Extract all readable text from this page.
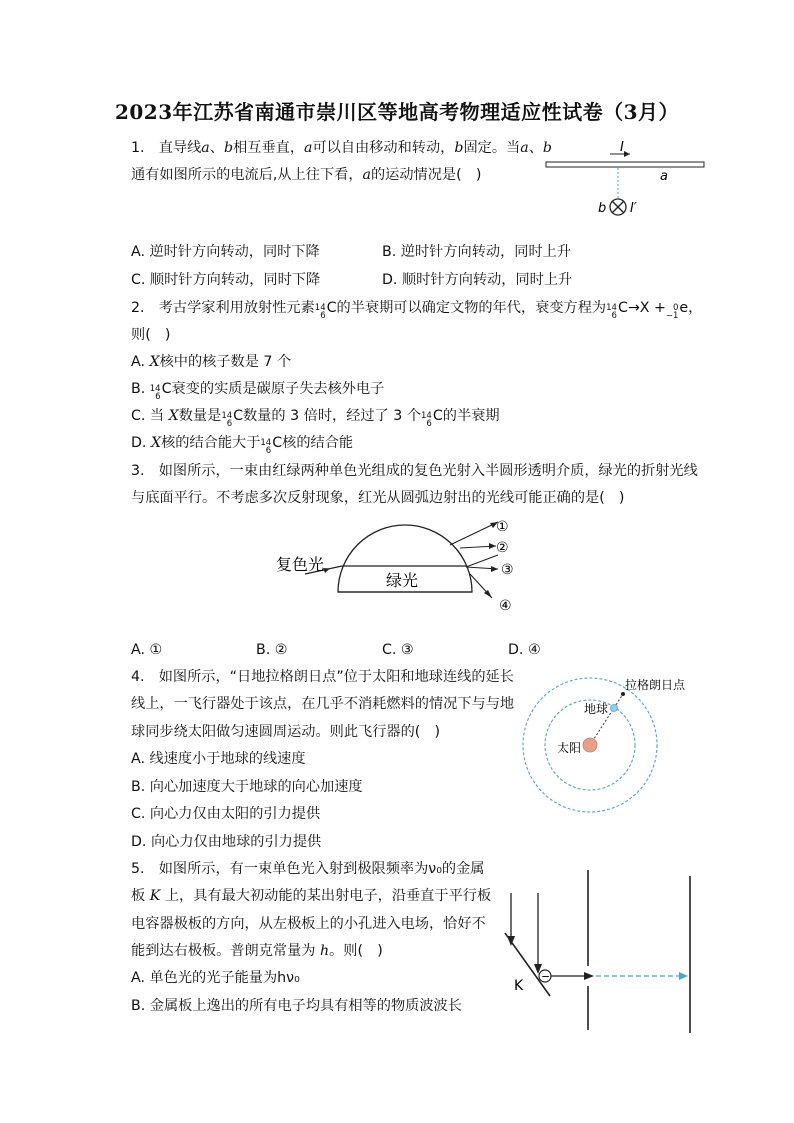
2023年江苏省南通市崇川区等地高考物理适应性试卷（3月）
1. 直导线a、b相互垂直，a可以自由移动和转动，b固定。当a、b
通有如图所示的电流后,从上往下看，a的运动情况是( )
I
a
b I′
A. 逆时针方向转动，同时下降	B. 逆时针方向转动，同时上升
C. 顺时针方向转动，同时下降	D. 顺时针方向转动，同时上升
2. 考古学家利用放射性元素 14
6 C的半衰期可以确定文物的年代，衰变方程为 14
6 C→X + 0
−1 e，
则( )
A. X核中的核子数是 7 个
B. 14
6 C衰变的实质是碳原子失去核外电子
C. 当 X数量是 14
6 C数量的 3 倍时，经过了 3 个 14
6 C的半衰期
D. X核的结合能大于 14
6 C核的结合能
3. 如图所示，一束由红绿两种单色光组成的复色光射入半圆形透明介质，绿光的折射光线
与底面平行。不考虑多次反射现象，红光从圆弧边射出的光线可能正确的是( )
复色光
绿光
①
②
③
④
A. ①	B. ②	C. ③	D. ④
4. 如图所示，“日地拉格朗日点”位于太阳和地球连线的延长
线上，一飞行器处于该点，在几乎不消耗燃料的情况下与与地
球同步绕太阳做匀速圆周运动。则此飞行器的( )
拉格朗日点
地球
太阳
A. 线速度小于地球的线速度
B. 向心加速度大于地球的向心加速度
C. 向心力仅由太阳的引力提供
D. 向心力仅由地球的引力提供
5. 如图所示，有一束单色光入射到极限频率为ν₀的金属
板 K 上，具有最大初动能的某出射电子，沿垂直于平行板
电容器极板的方向，从左极板上的小孔进入电场，恰好不
能到达右极板。普朗克常量为 h。则( )
A. 单色光的光子能量为hν₀
B. 金属板上逸出的所有电子均具有相等的物质波波长
K
−
